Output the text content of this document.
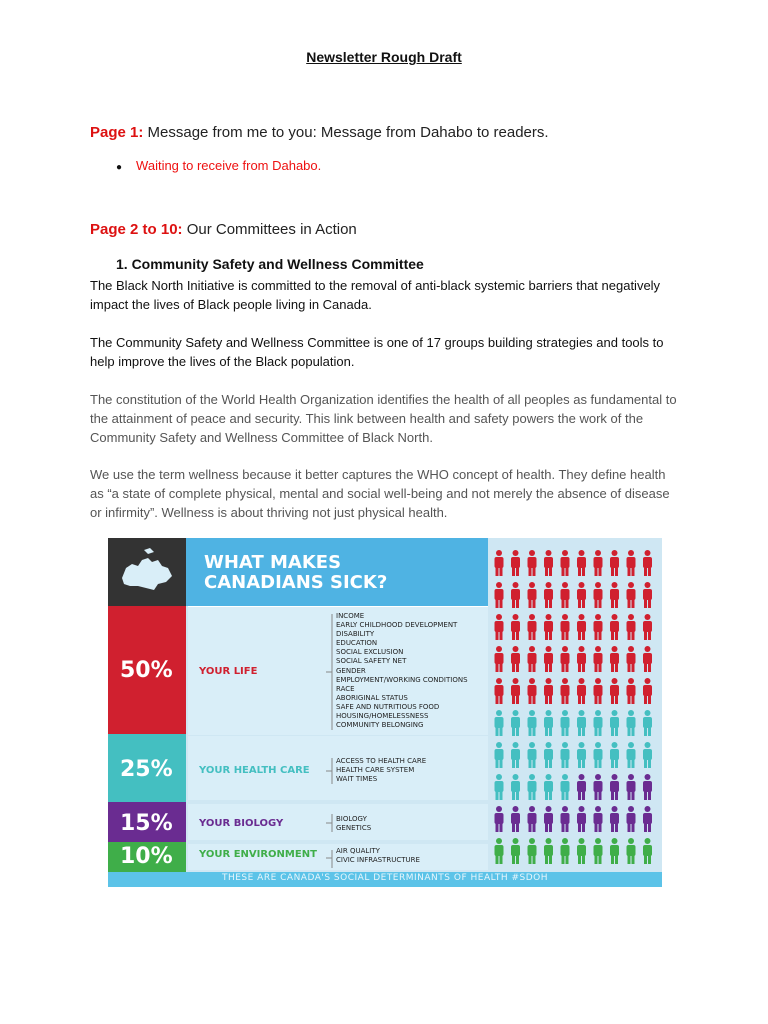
Newsletter Rough Draft
Page 1: Message from me to you: Message from Dahabo to readers.
● Waiting to receive from Dahabo.
Page 2 to 10: Our Committees in Action
1. Community Safety and Wellness Committee
The Black North Initiative is committed to the removal of anti-black systemic barriers that negatively impact the lives of Black people living in Canada.
The Community Safety and Wellness Committee is one of 17 groups building strategies and tools to help improve the lives of the Black population.
The constitution of the World Health Organization identifies the health of all peoples as fundamental to the attainment of peace and security. This link between health and safety powers the work of the Community Safety and Wellness Committee of Black North.
We use the term wellness because it better captures the WHO concept of health. They define health as “a state of complete physical, mental and social well-being and not merely the absence of disease or infirmity”. Wellness is about thriving not just physical health.
WHAT MAKES
CANADIANS SICK?
50%
25%
15%
10%
YOUR LIFE
YOUR HEALTH CARE
YOUR BIOLOGY
YOUR ENVIRONMENT
INCOME
EARLY CHILDHOOD DEVELOPMENT
DISABILITY
EDUCATION
SOCIAL EXCLUSION
SOCIAL SAFETY NET
GENDER
EMPLOYMENT/WORKING CONDITIONS
RACE
ABORIGINAL STATUS
SAFE AND NUTRITIOUS FOOD
HOUSING/HOMELESSNESS
COMMUNITY BELONGING
ACCESS TO HEALTH CARE
HEALTH CARE SYSTEM
WAIT TIMES
BIOLOGY
GENETICS
AIR QUALITY
CIVIC INFRASTRUCTURE
THESE ARE CANADA'S SOCIAL DETERMINANTS OF HEALTH #SDOH
